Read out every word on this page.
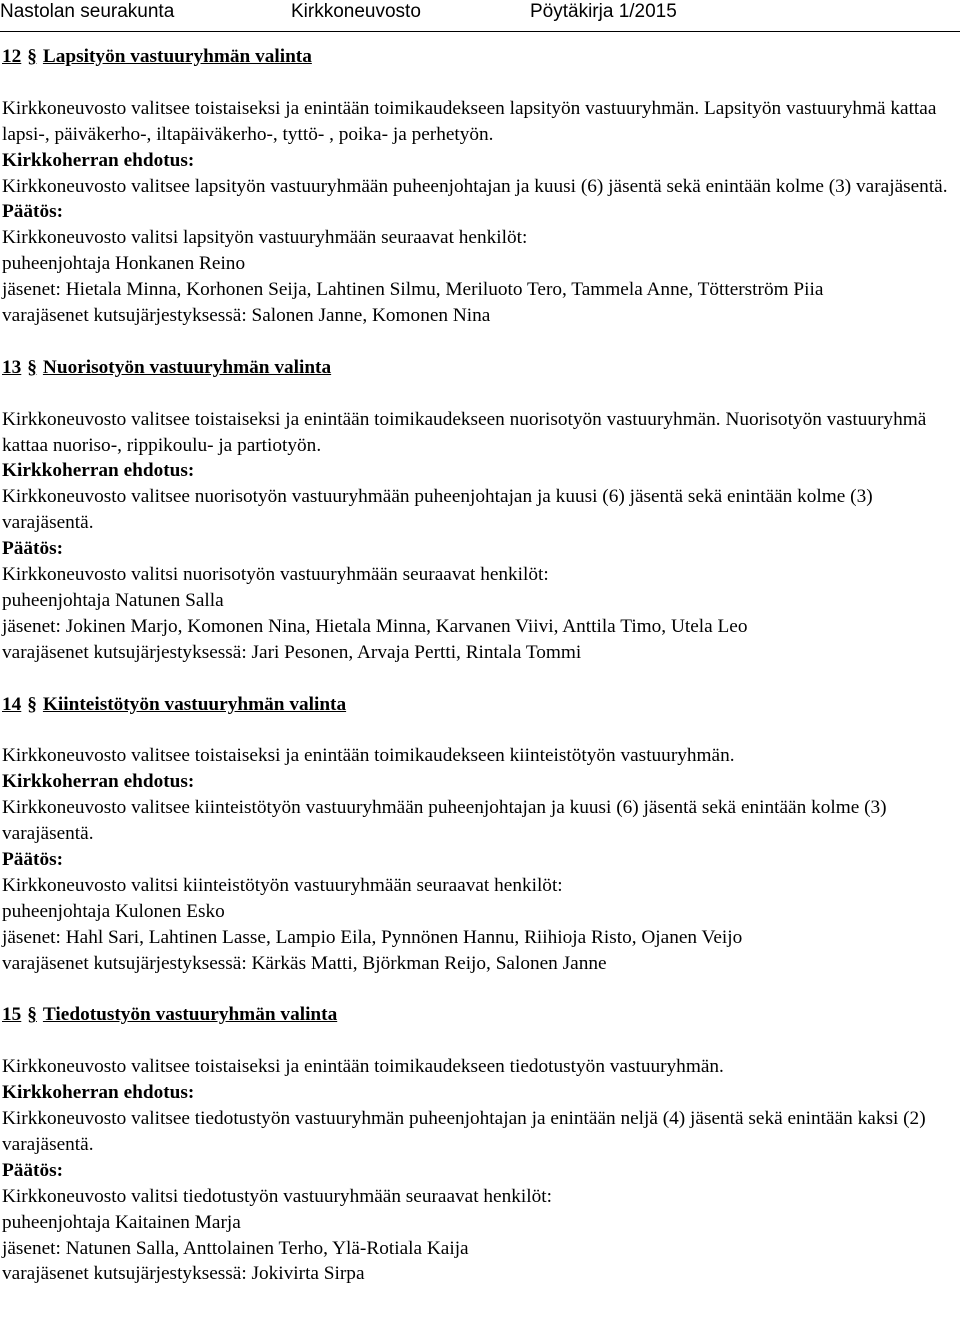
Nastolan seurakunta	Kirkkoneuvosto	Pöytäkirja 1/2015
12 § Lapsityön vastuuryhmän valinta

Kirkkoneuvosto valitsee toistaiseksi ja enintään toimikaudekseen lapsityön vastuuryhmän. Lapsityön vastuuryhmä kattaa lapsi-, päiväkerho-, iltapäiväkerho-, tyttö- , poika- ja perhetyön.

Kirkkoherran ehdotus:

Kirkkoneuvosto valitsee lapsityön vastuuryhmään puheenjohtajan ja kuusi (6) jäsentä sekä enintään kolme (3) varajäsentä.

Päätös:

Kirkkoneuvosto valitsi lapsityön vastuuryhmään seuraavat henkilöt:

puheenjohtaja Honkanen Reino

jäsenet: Hietala Minna, Korhonen Seija, Lahtinen Silmu, Meriluoto Tero, Tammela Anne, Tötterström Piia

varajäsenet kutsujärjestyksessä: Salonen Janne, Komonen Nina

13 § Nuorisotyön vastuuryhmän valinta

Kirkkoneuvosto valitsee toistaiseksi ja enintään toimikaudekseen nuorisotyön vastuuryhmän. Nuorisotyön vastuuryhmä kattaa nuoriso-, rippikoulu- ja partiotyön.

Kirkkoherran ehdotus:

Kirkkoneuvosto valitsee nuorisotyön vastuuryhmään puheenjohtajan ja kuusi (6) jäsentä sekä enintään kolme (3) varajäsentä.

Päätös:

Kirkkoneuvosto valitsi nuorisotyön vastuuryhmään seuraavat henkilöt:

puheenjohtaja Natunen Salla

jäsenet: Jokinen Marjo, Komonen Nina, Hietala Minna, Karvanen Viivi, Anttila Timo, Utela Leo

varajäsenet kutsujärjestyksessä: Jari Pesonen, Arvaja Pertti, Rintala Tommi

14 § Kiinteistötyön vastuuryhmän valinta

Kirkkoneuvosto valitsee toistaiseksi ja enintään toimikaudekseen kiinteistötyön vastuuryhmän.

Kirkkoherran ehdotus:

Kirkkoneuvosto valitsee kiinteistötyön vastuuryhmään puheenjohtajan ja kuusi (6) jäsentä sekä enintään kolme (3) varajäsentä.

Päätös:

Kirkkoneuvosto valitsi kiinteistötyön vastuuryhmään seuraavat henkilöt:

puheenjohtaja Kulonen Esko

jäsenet: Hahl Sari, Lahtinen Lasse, Lampio Eila, Pynnönen Hannu, Riihioja Risto, Ojanen Veijo

varajäsenet kutsujärjestyksessä: Kärkäs Matti, Björkman Reijo, Salonen Janne

15 § Tiedotustyön vastuuryhmän valinta

Kirkkoneuvosto valitsee toistaiseksi ja enintään toimikaudekseen tiedotustyön vastuuryhmän.

Kirkkoherran ehdotus:

Kirkkoneuvosto valitsee tiedotustyön vastuuryhmän puheenjohtajan ja enintään neljä (4) jäsentä sekä enintään kaksi (2) varajäsentä.

Päätös:

Kirkkoneuvosto valitsi tiedotustyön vastuuryhmään seuraavat henkilöt:

puheenjohtaja Kaitainen Marja

jäsenet: Natunen Salla, Anttolainen Terho, Ylä-Rotiala Kaija

varajäsenet kutsujärjestyksessä: Jokivirta Sirpa
